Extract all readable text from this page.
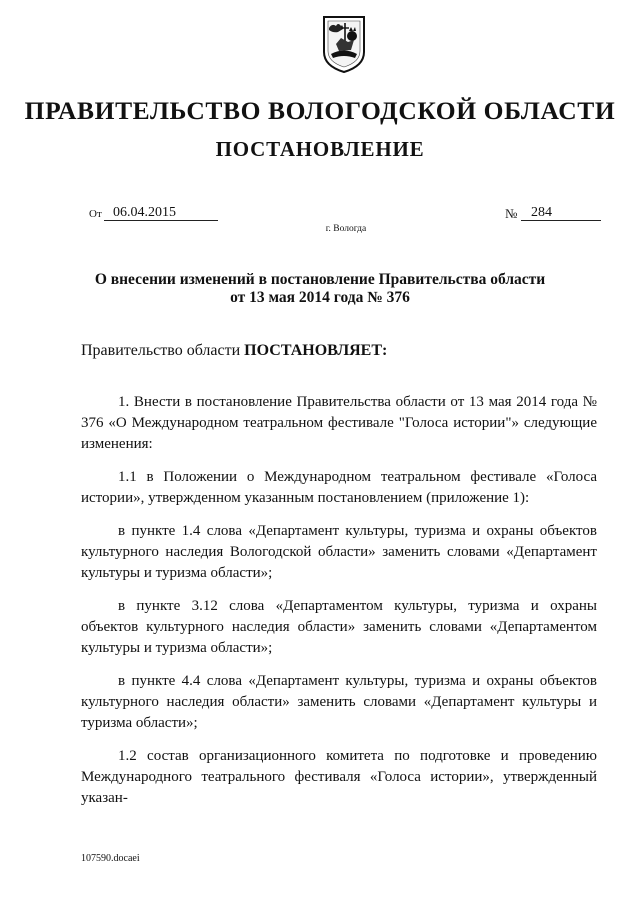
ПРАВИТЕЛЬСТВО ВОЛОГОДСКОЙ ОБЛАСТИ
ПОСТАНОВЛЕНИЕ
От 06.04.2015	№ 284
г. Вологда
О внесении изменений в постановление Правительства области
от 13 мая 2014 года № 376
Правительство области ПОСТАНОВЛЯЕТ:

1. Внести в постановление Правительства области от 13 мая 2014 года № 376 «О Международном театральном фестивале "Голоса истории"» следующие изменения:

1.1 в Положении о Международном театральном фестивале «Голоса истории», утвержденном указанным постановлением (приложение 1):

в пункте 1.4 слова «Департамент культуры, туризма и охраны объектов культурного наследия Вологодской области» заменить словами «Департамент культуры и туризма области»;

в пункте 3.12 слова «Департаментом культуры, туризма и охраны объектов культурного наследия области» заменить словами «Департаментом культуры и туризма области»;

в пункте 4.4 слова «Департамент культуры, туризма и охраны объектов культурного наследия области» заменить словами «Департамент культуры и туризма области»;

1.2 состав организационного комитета по подготовке и проведению Международного театрального фестиваля «Голоса истории», утвержденный указан-

107590.docaei
